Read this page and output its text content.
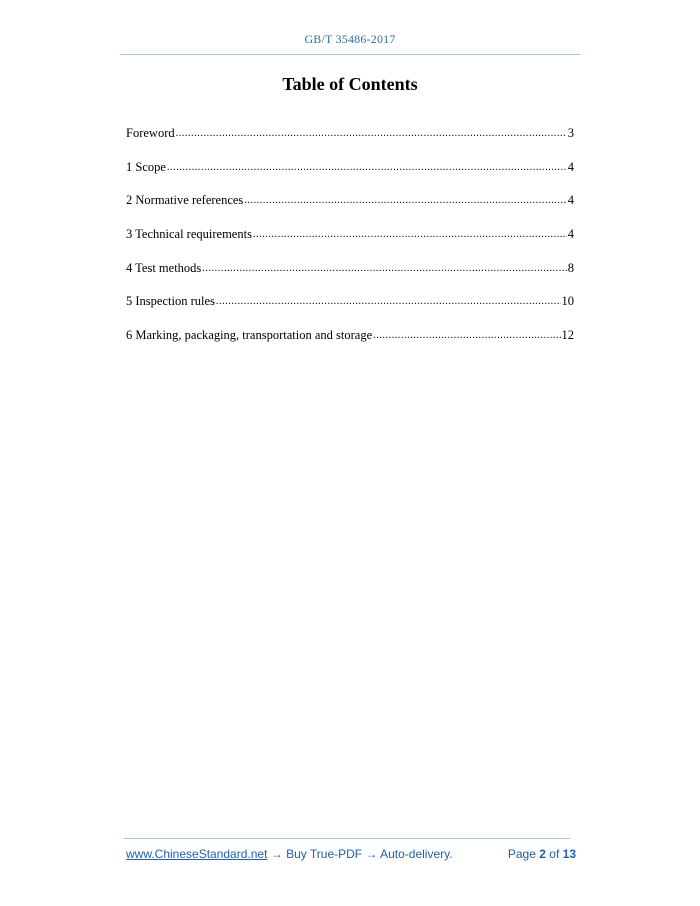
GB/T 35486-2017
Table of Contents
Foreword .....	3
1 Scope .....	4
2 Normative references .....	4
3 Technical requirements .....	4
4 Test methods .....	8
5 Inspection rules .....	10
6 Marking, packaging, transportation and storage .....	12
www.ChineseStandard.net → Buy True-PDF → Auto-delivery.	Page 2 of 13
